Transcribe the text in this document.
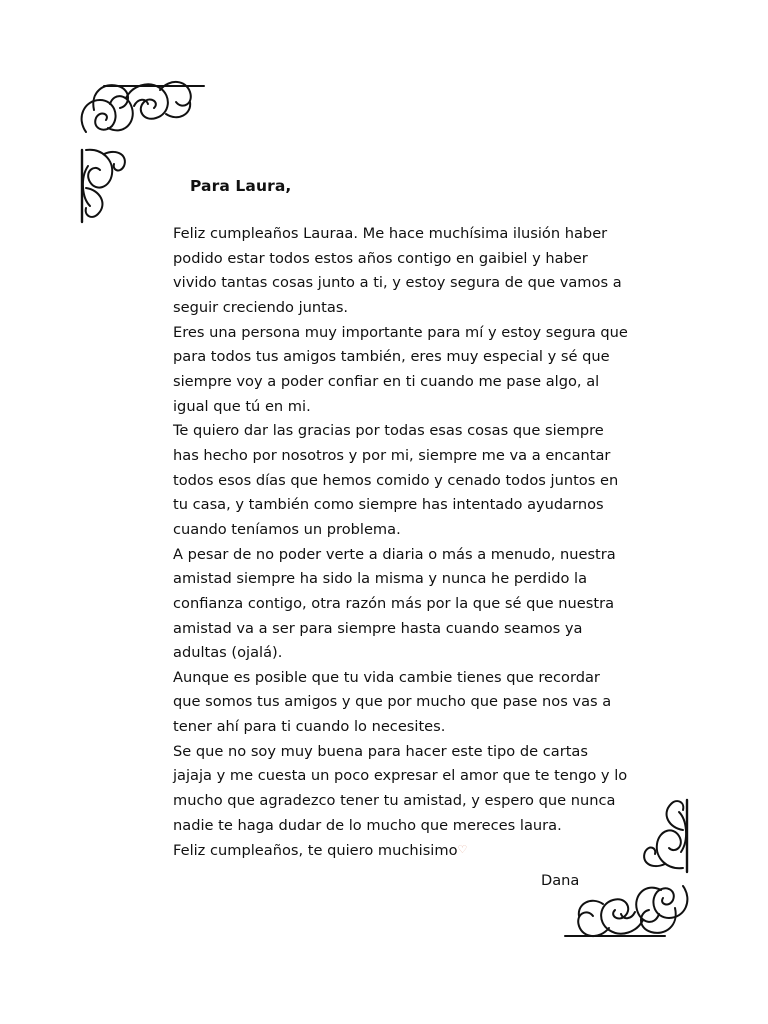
Para Laura,
Feliz cumpleaños Lauraa. Me hace muchísima ilusión haber
podido estar todos estos años contigo en gaibiel y haber
vivido tantas cosas junto a ti, y estoy segura de que vamos a
seguir creciendo juntas.
Eres una persona muy importante para mí y estoy segura que
para todos tus amigos también, eres muy especial y sé que
siempre voy a poder confiar en ti cuando me pase algo, al
igual que tú en mi.
Te quiero dar las gracias por todas esas cosas que siempre
has hecho por nosotros y por mi, siempre me va a encantar
todos esos días que hemos comido y cenado todos juntos en
tu casa, y también como siempre has intentado ayudarnos
cuando teníamos un problema.
A pesar de no poder verte a diaria o más a menudo, nuestra
amistad siempre ha sido la misma y nunca he perdido la
confianza contigo, otra razón más por la que sé que nuestra
amistad va a ser para siempre hasta cuando seamos ya
adultas (ojalá).
Aunque es posible que tu vida cambie tienes que recordar
que somos tus amigos y que por mucho que pase nos vas a
tener ahí para ti cuando lo necesites.
Se que no soy muy buena para hacer este tipo de cartas
jajaja y me cuesta un poco expresar el amor que te tengo y lo
mucho que agradezco tener tu amistad, y espero que nunca
nadie te haga dudar de lo mucho que mereces laura.
Feliz cumpleaños, te quiero muchisimo♡
Dana
